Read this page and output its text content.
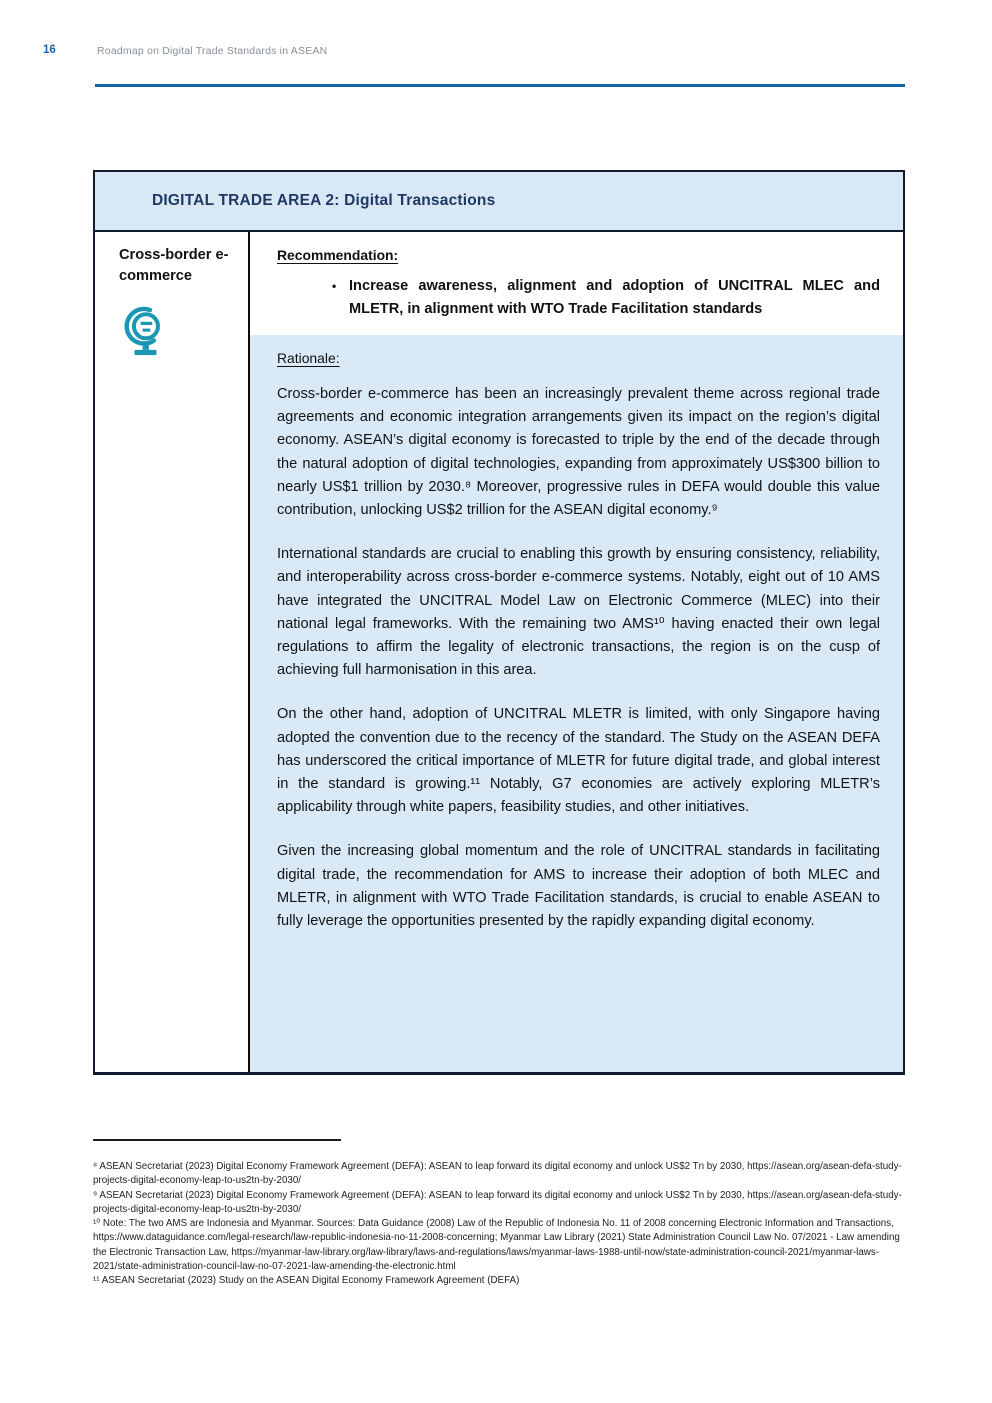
16	Roadmap on Digital Trade Standards in ASEAN
DIGITAL TRADE AREA 2: Digital Transactions
Cross-border e-commerce
Recommendation:
• Increase awareness, alignment and adoption of UNCITRAL MLEC and MLETR, in alignment with WTO Trade Facilitation standards
Rationale:

Cross-border e-commerce has been an increasingly prevalent theme across regional trade agreements and economic integration arrangements given its impact on the region’s digital economy. ASEAN’s digital economy is forecasted to triple by the end of the decade through the natural adoption of digital technologies, expanding from approximately US$300 billion to nearly US$1 trillion by 2030.⁸ Moreover, progressive rules in DEFA would double this value contribution, unlocking US$2 trillion for the ASEAN digital economy.⁹

International standards are crucial to enabling this growth by ensuring consistency, reliability, and interoperability across cross-border e-commerce systems. Notably, eight out of 10 AMS have integrated the UNCITRAL Model Law on Electronic Commerce (MLEC) into their national legal frameworks. With the remaining two AMS¹⁰ having enacted their own legal regulations to affirm the legality of electronic transactions, the region is on the cusp of achieving full harmonisation in this area.

On the other hand, adoption of UNCITRAL MLETR is limited, with only Singapore having adopted the convention due to the recency of the standard. The Study on the ASEAN DEFA has underscored the critical importance of MLETR for future digital trade, and global interest in the standard is growing.¹¹ Notably, G7 economies are actively exploring MLETR’s applicability through white papers, feasibility studies, and other initiatives.

Given the increasing global momentum and the role of UNCITRAL standards in facilitating digital trade, the recommendation for AMS to increase their adoption of both MLEC and MLETR, in alignment with WTO Trade Facilitation standards, is crucial to enable ASEAN to fully leverage the opportunities presented by the rapidly expanding digital economy.

⁸ ASEAN Secretariat (2023) Digital Economy Framework Agreement (DEFA): ASEAN to leap forward its digital economy and unlock US$2 Tn by 2030, https://asean.org/asean-defa-study-projects-digital-economy-leap-to-us2tn-by-2030/
⁹ ASEAN Secretariat (2023) Digital Economy Framework Agreement (DEFA): ASEAN to leap forward its digital economy and unlock US$2 Tn by 2030, https://asean.org/asean-defa-study-projects-digital-economy-leap-to-us2tn-by-2030/
¹⁰ Note: The two AMS are Indonesia and Myanmar. Sources: Data Guidance (2008) Law of the Republic of Indonesia No. 11 of 2008 concerning Electronic Information and Transactions, https://www.dataguidance.com/legal-research/law-republic-indonesia-no-11-2008-concerning; Myanmar Law Library (2021) State Administration Council Law No. 07/2021 - Law amending the Electronic Transaction Law, https://myanmar-law-library.org/law-library/laws-and-regulations/laws/myanmar-laws-1988-until-now/state-administration-council-2021/myanmar-laws-2021/state-administration-council-law-no-07-2021-law-amending-the-electronic.html
¹¹ ASEAN Secretariat (2023) Study on the ASEAN Digital Economy Framework Agreement (DEFA)
